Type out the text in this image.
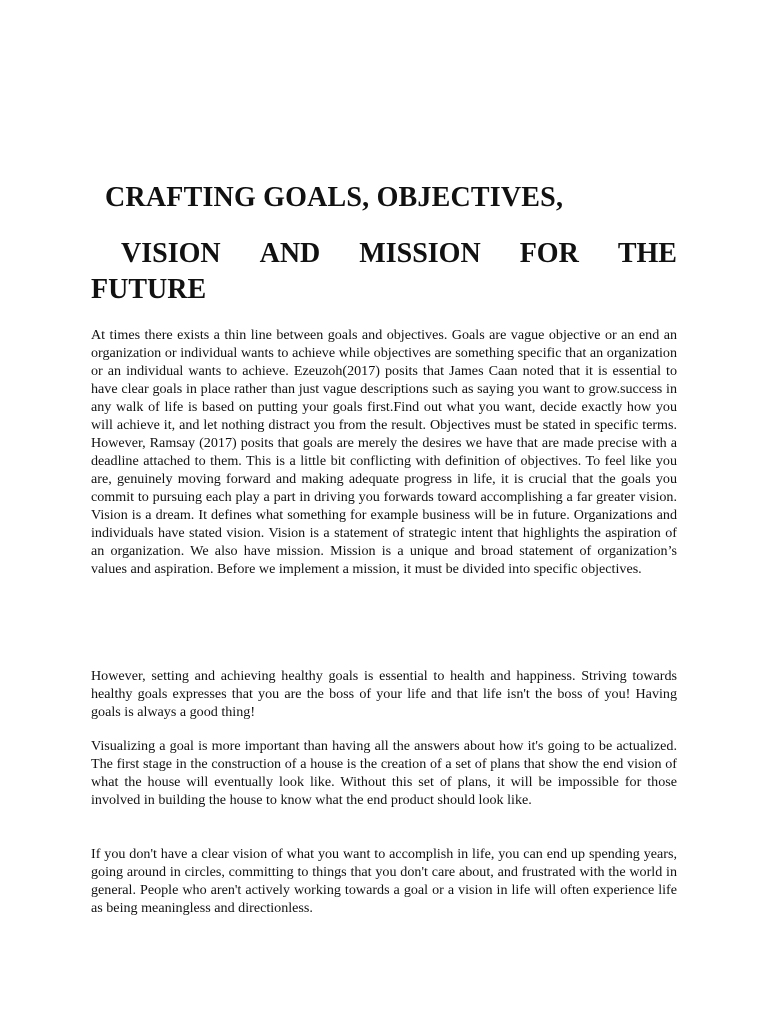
CRAFTING GOALS, OBJECTIVES,
VISION AND MISSION FOR THE
FUTURE

At times there exists a thin line between goals and objectives. Goals are vague objective or an end an organization or individual wants to achieve while objectives are something specific that an organization or an individual wants to achieve. Ezeuzoh(2017) posits that James Caan noted that it is essential to have clear goals in place rather than just vague descriptions such as saying you want to grow.success in any walk of life is based on putting your goals first.Find out what you want, decide exactly how you will achieve it, and let nothing distract you from the result. Objectives must be stated in specific terms. However, Ramsay (2017) posits that goals are merely the desires we have that are made precise with a deadline attached to them. This is a little bit conflicting with definition of objectives. To feel like you are, genuinely moving forward and making adequate progress in life, it is crucial that the goals you commit to pursuing each play a part in driving you forwards toward accomplishing a far greater vision. Vision is a dream. It defines what something for example business will be in future. Organizations and individuals have stated vision. Vision is a statement of strategic intent that highlights the aspiration of an organization. We also have mission. Mission is a unique and broad statement of organization’s values and aspiration. Before we implement a mission, it must be divided into specific objectives.

However, setting and achieving healthy goals is essential to health and happiness. Striving towards healthy goals expresses that you are the boss of your life and that life isn't the boss of you! Having goals is always a good thing!

Visualizing a goal is more important than having all the answers about how it's going to be actualized. The first stage in the construction of a house is the creation of a set of plans that show the end vision of what the house will eventually look like. Without this set of plans, it will be impossible for those involved in building the house to know what the end product should look like.

If you don't have a clear vision of what you want to accomplish in life, you can end up spending years, going around in circles, committing to things that you don't care about, and frustrated with the world in general. People who aren't actively working towards a goal or a vision in life will often experience life as being meaningless and directionless.
